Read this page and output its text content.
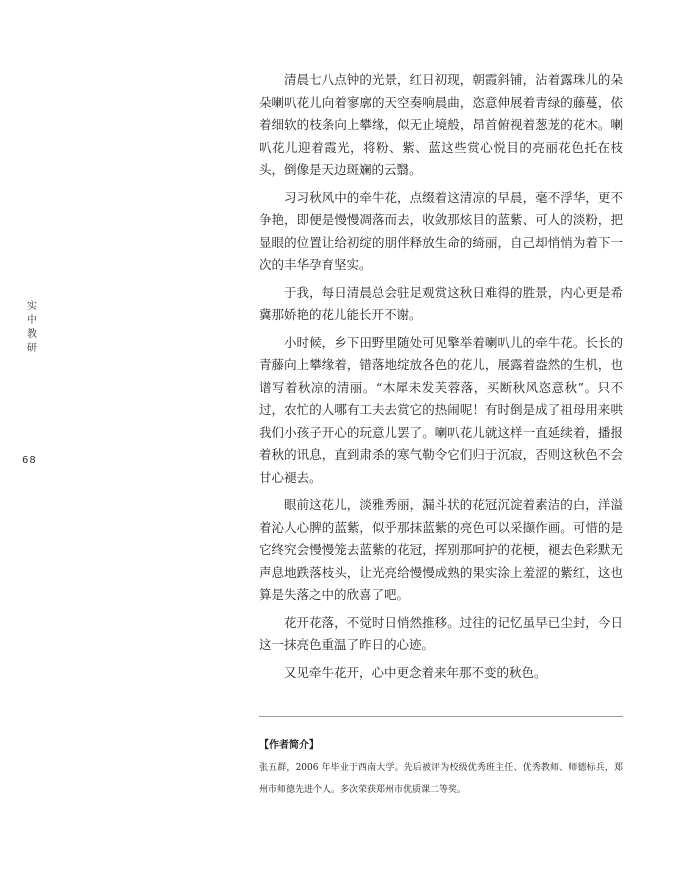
实
中
教
研
68

清晨七八点钟的光景，红日初现，朝霞斜铺，沾着露珠儿的朵朵喇叭花儿向着寥廓的天空奏响晨曲，恣意伸展着青绿的藤蔓，依着细软的枝条向上攀缘，似无止境般，昂首俯视着葱茏的花木。喇叭花儿迎着霞光，将粉、紫、蓝这些赏心悦目的亮丽花色托在枝头，倒像是天边斑斓的云翳。

习习秋风中的牵牛花，点缀着这清凉的早晨，毫不浮华，更不争艳，即便是慢慢凋落而去，收敛那炫目的蓝紫、可人的淡粉，把显眼的位置让给初绽的朋伴释放生命的绮丽，自己却悄悄为着下一次的丰华孕育坚实。

于我，每日清晨总会驻足观赏这秋日难得的胜景，内心更是希冀那娇艳的花儿能长开不谢。

小时候，乡下田野里随处可见擎举着喇叭儿的牵牛花。长长的青藤向上攀缘着，错落地绽放各色的花儿，展露着盎然的生机，也谱写着秋凉的清丽。“木犀未发芙蓉落，买断秋风恣意秋”。只不过，农忙的人哪有工夫去赏它的热闹呢！有时倒是成了祖母用来哄我们小孩子开心的玩意儿罢了。喇叭花儿就这样一直延续着，播报着秋的讯息，直到肃杀的寒气勒令它们归于沉寂，否则这秋色不会甘心褪去。

眼前这花儿，淡雅秀丽，漏斗状的花冠沉淀着素洁的白，洋溢着沁人心脾的蓝紫，似乎那抹蓝紫的亮色可以采撷作画。可惜的是它终究会慢慢笼去蓝紫的花冠，挥别那呵护的花梗，褪去色彩默无声息地跌落枝头，让光亮给慢慢成熟的果实涂上羞涩的紫红，这也算是失落之中的欣喜了吧。

花开花落，不觉时日悄然推移。过往的记忆虽早已尘封，今日这一抹亮色重温了昨日的心迹。

又见牵牛花开，心中更念着来年那不变的秋色。

【作者简介】

张五群，2006 年毕业于西南大学。先后被评为校级优秀班主任、优秀教师、师德标兵，郑州市师德先进个人。多次荣获郑州市优质课二等奖。
